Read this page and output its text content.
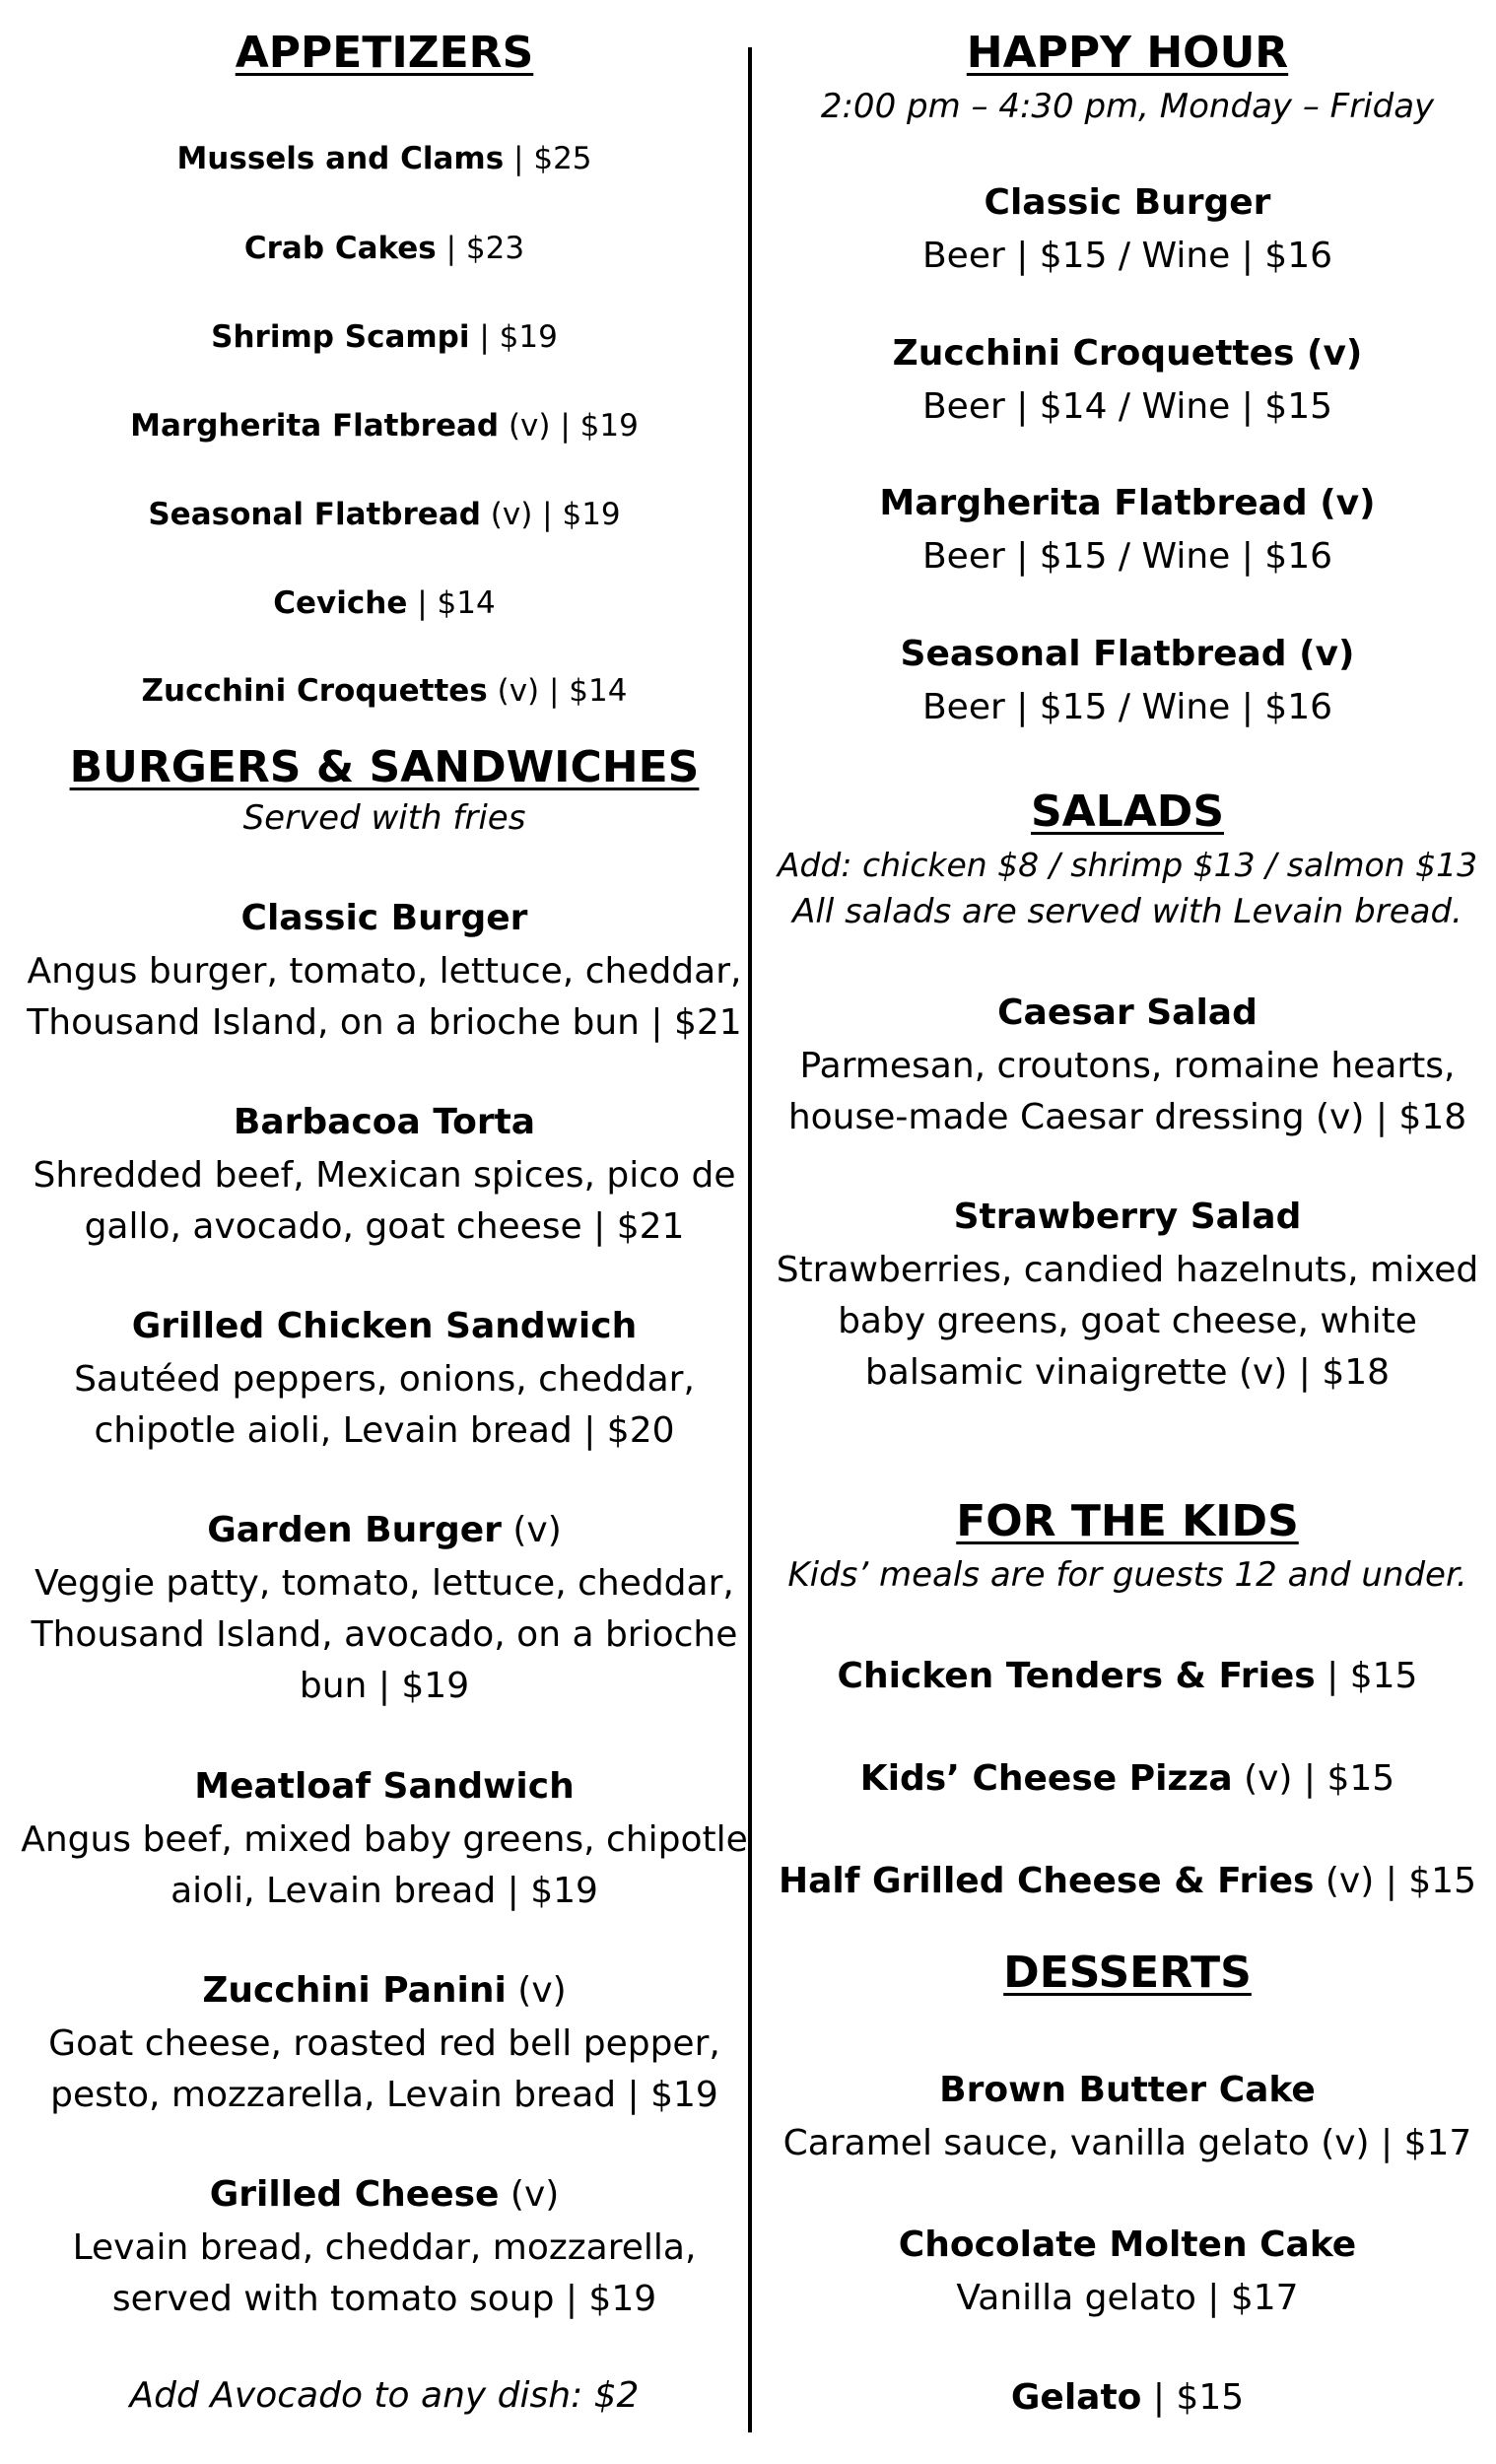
APPETIZERS
Mussels and Clams | $25
Crab Cakes | $23
Shrimp Scampi | $19
Margherita Flatbread (v) | $19
Seasonal Flatbread (v) | $19
Ceviche | $14
Zucchini Croquettes (v) | $14
BURGERS & SANDWICHES
Served with fries
Classic Burger
Angus burger, tomato, lettuce, cheddar,
Thousand Island, on a brioche bun | $21
Barbacoa Torta
Shredded beef, Mexican spices, pico de
gallo, avocado, goat cheese | $21
Grilled Chicken Sandwich
Sautéed peppers, onions, cheddar,
chipotle aioli, Levain bread | $20
Garden Burger (v)
Veggie patty, tomato, lettuce, cheddar,
Thousand Island, avocado, on a brioche
bun | $19
Meatloaf Sandwich
Angus beef, mixed baby greens, chipotle
aioli, Levain bread | $19
Zucchini Panini (v)
Goat cheese, roasted red bell pepper,
pesto, mozzarella, Levain bread | $19
Grilled Cheese (v)
Levain bread, cheddar, mozzarella,
served with tomato soup | $19
Add Avocado to any dish: $2
HAPPY HOUR
2:00 pm – 4:30 pm, Monday – Friday
Classic Burger
Beer | $15 / Wine | $16
Zucchini Croquettes (v)
Beer | $14 / Wine | $15
Margherita Flatbread (v)
Beer | $15 / Wine | $16
Seasonal Flatbread (v)
Beer | $15 / Wine | $16
SALADS
Add: chicken $8 / shrimp $13 / salmon $13
All salads are served with Levain bread.
Caesar Salad
Parmesan, croutons, romaine hearts,
house-made Caesar dressing (v) | $18
Strawberry Salad
Strawberries, candied hazelnuts, mixed
baby greens, goat cheese, white
balsamic vinaigrette (v) | $18
FOR THE KIDS
Kids’ meals are for guests 12 and under.
Chicken Tenders & Fries | $15
Kids’ Cheese Pizza (v) | $15
Half Grilled Cheese & Fries (v) | $15
DESSERTS
Brown Butter Cake
Caramel sauce, vanilla gelato (v) | $17
Chocolate Molten Cake
Vanilla gelato | $17
Gelato | $15
